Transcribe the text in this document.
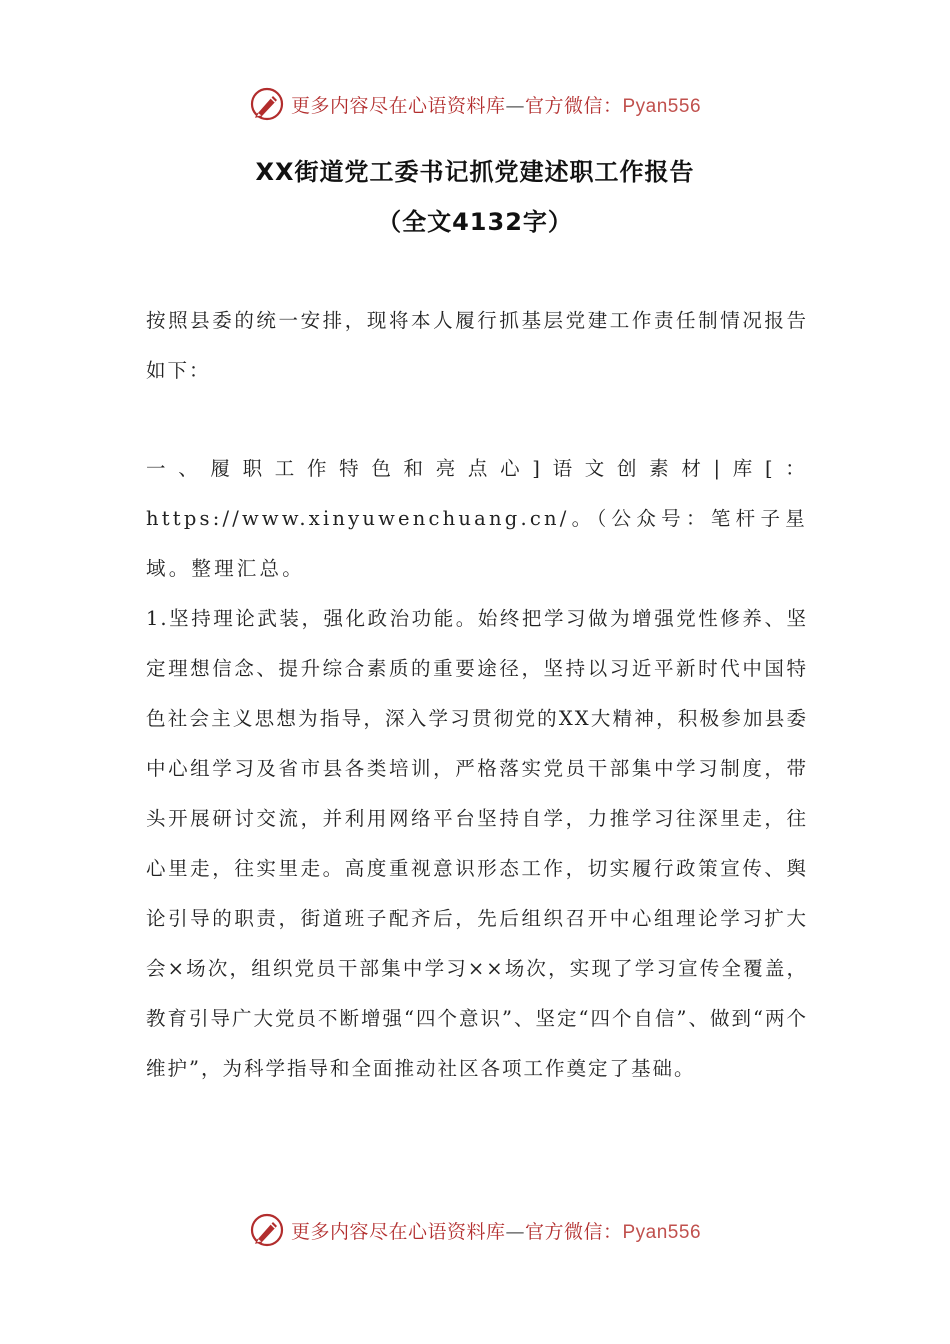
更多内容尽在心语资料库—官方微信：Pyan556
XX街道党工委书记抓党建述职工作报告
（全文4132字）

按照县委的统一安排，现将本人履行抓基层党建工作责任制情况报告如下：

一、履职工作特色和亮点心]语文创素材|库[：https://www.xinyuwenchuang.cn/。（公众号：笔杆子星域。整理汇总。

1.坚持理论武装，强化政治功能。始终把学习做为增强党性修养、坚定理想信念、提升综合素质的重要途径，坚持以习近平新时代中国特色社会主义思想为指导，深入学习贯彻党的XX大精神，积极参加县委中心组学习及省市县各类培训，严格落实党员干部集中学习制度，带头开展研讨交流，并利用网络平台坚持自学，力推学习往深里走，往心里走，往实里走。高度重视意识形态工作，切实履行政策宣传、舆论引导的职责，街道班子配齐后，先后组织召开中心组理论学习扩大会×场次，组织党员干部集中学习××场次，实现了学习宣传全覆盖，教育引导广大党员不断增强“四个意识”、坚定“四个自信”、做到“两个维护”，为科学指导和全面推动社区各项工作奠定了基础。

更多内容尽在心语资料库—官方微信：Pyan556
